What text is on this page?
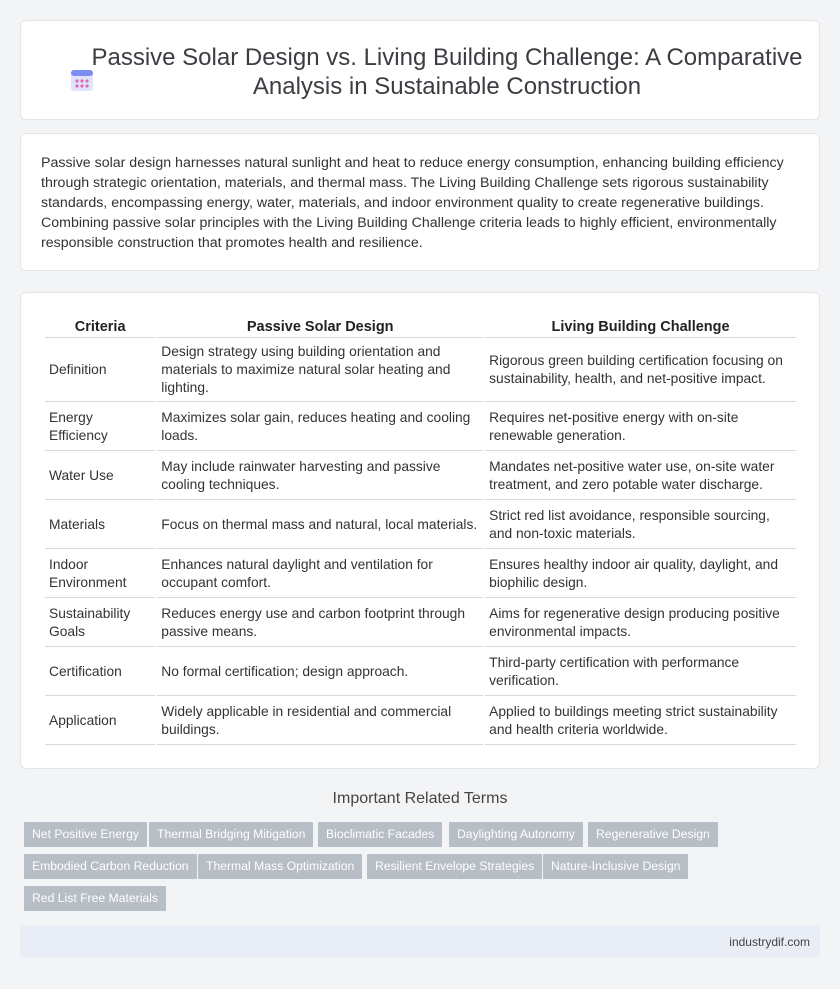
Passive Solar Design vs. Living Building Challenge: A Comparative Analysis in Sustainable Construction

Passive solar design harnesses natural sunlight and heat to reduce energy consumption, enhancing building efficiency through strategic orientation, materials, and thermal mass. The Living Building Challenge sets rigorous sustainability standards, encompassing energy, water, materials, and indoor environment quality to create regenerative buildings. Combining passive solar principles with the Living Building Challenge criteria leads to highly efficient, environmentally responsible construction that promotes health and resilience.

Criteria	Passive Solar Design	Living Building Challenge
Definition	Design strategy using building orientation and materials to maximize natural solar heating and lighting.	Rigorous green building certification focusing on sustainability, health, and net-positive impact.
Energy Efficiency	Maximizes solar gain, reduces heating and cooling loads.	Requires net-positive energy with on-site renewable generation.
Water Use	May include rainwater harvesting and passive cooling techniques.	Mandates net-positive water use, on-site water treatment, and zero potable water discharge.
Materials	Focus on thermal mass and natural, local materials.	Strict red list avoidance, responsible sourcing, and non-toxic materials.
Indoor Environment	Enhances natural daylight and ventilation for occupant comfort.	Ensures healthy indoor air quality, daylight, and biophilic design.
Sustainability Goals	Reduces energy use and carbon footprint through passive means.	Aims for regenerative design producing positive environmental impacts.
Certification	No formal certification; design approach.	Third-party certification with performance verification.
Application	Widely applicable in residential and commercial buildings.	Applied to buildings meeting strict sustainability and health criteria worldwide.
Important Related Terms
Net Positive Energy	Thermal Bridging Mitigation	Bioclimatic Facades	Daylighting Autonomy	Regenerative Design
Embodied Carbon Reduction	Thermal Mass Optimization	Resilient Envelope Strategies	Nature-Inclusive Design
Red List Free Materials
industrydif.com
